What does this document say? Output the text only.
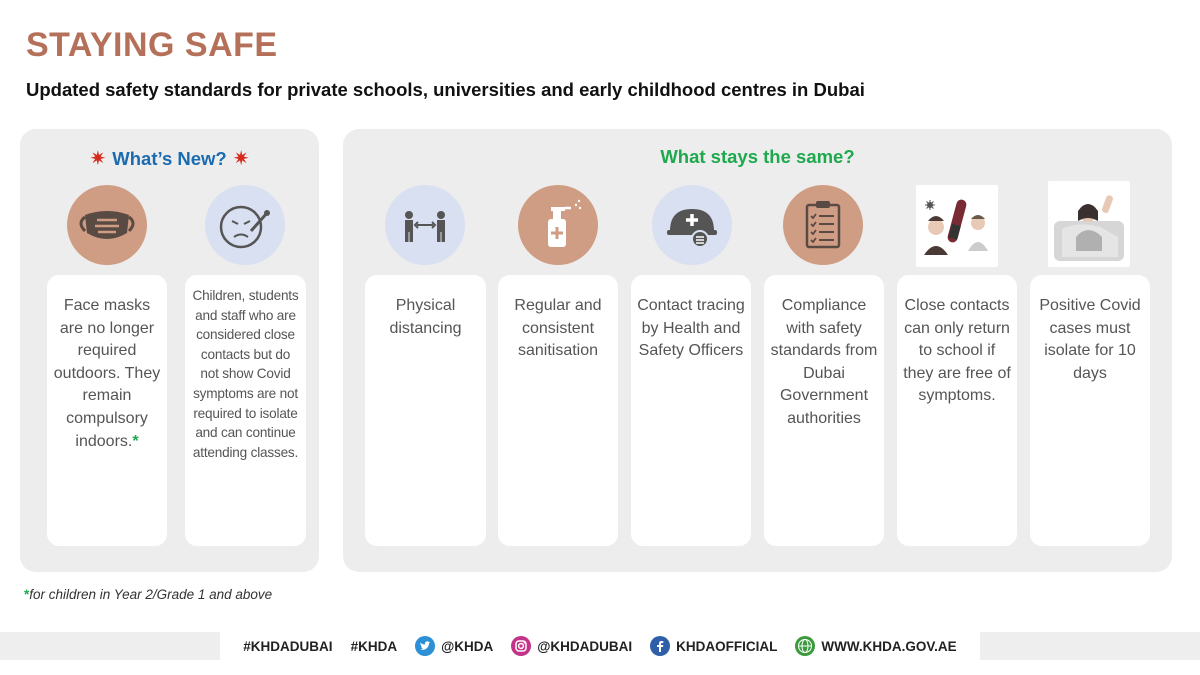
STAYING SAFE
Updated safety standards for private schools, universities and early childhood centres in Dubai
✷ What’s New? ✷
Face masks are no longer required outdoors. They remain compulsory indoors.*
Children, students and staff who are considered close contacts but do not show Covid symptoms are not required to isolate and can continue attending classes.
What stays the same?
Physical distancing
Regular and consistent sanitisation
Contact tracing by Health and Safety Officers
Compliance with safety standards from Dubai Government authorities
Close contacts can only return to school if they are free of symptoms.
Positive Covid cases must isolate for 10 days
*for children in Year 2/Grade 1 and above
#KHDADUBAI #KHDA	@KHDA	@KHDADUBAI	KHDAOFFICIAL	WWW.KHDA.GOV.AE
